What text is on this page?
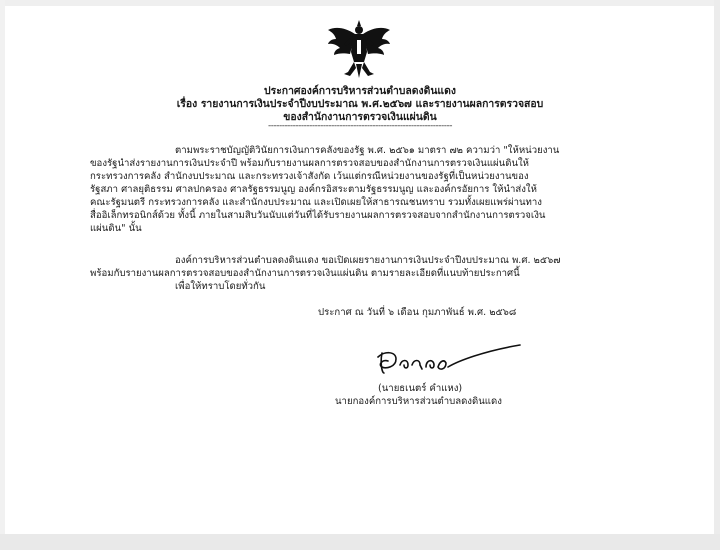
ประกาศองค์การบริหารส่วนตำบลดงดินแดง
เรื่อง รายงานการเงินประจำปีงบประมาณ พ.ศ.๒๕๖๗ และรายงานผลการตรวจสอบ
ของสำนักงานการตรวจเงินแผ่นดิน
-------------------------------------------------------------------
ตามพระราชบัญญัติวินัยการเงินการคลังของรัฐ พ.ศ. ๒๕๖๑ มาตรา ๗๒ ความว่า "ให้หน่วยงาน
ของรัฐนำส่งรายงานการเงินประจำปี พร้อมกับรายงานผลการตรวจสอบของสำนักงานการตรวจเงินแผ่นดินให้
กระทรวงการคลัง สำนักงบประมาณ และกระทรวงเจ้าสังกัด เว้นแต่กรณีหน่วยงานของรัฐที่เป็นหน่วยงานของ
รัฐสภา ศาลยุติธรรม ศาลปกครอง ศาลรัฐธรรมนูญ องค์กรอิสระตามรัฐธรรมนูญ และองค์กรอัยการ ให้นำส่งให้
คณะรัฐมนตรี กระทรวงการคลัง และสำนักงบประมาณ และเปิดเผยให้สาธารณชนทราบ รวมทั้งเผยแพร่ผ่านทาง
สื่ออิเล็กทรอนิกส์ด้วย ทั้งนี้ ภายในสามสิบวันนับแต่วันที่ได้รับรายงานผลการตรวจสอบจากสำนักงานการตรวจเงิน
แผ่นดิน" นั้น
องค์การบริหารส่วนตำบลดงดินแดง ขอเปิดเผยรายงานการเงินประจำปีงบประมาณ พ.ศ. ๒๕๖๗
พร้อมกับรายงานผลการตรวจสอบของสำนักงานการตรวจเงินแผ่นดิน ตามรายละเอียดที่แนบท้ายประกาศนี้
เพื่อให้ทราบโดยทั่วกัน
ประกาศ ณ วันที่ ๖ เดือน กุมภาพันธ์ พ.ศ. ๒๕๖๘
(นายธเนตร์ คำแหง)
นายกองค์การบริหารส่วนตำบลดงดินแดง
